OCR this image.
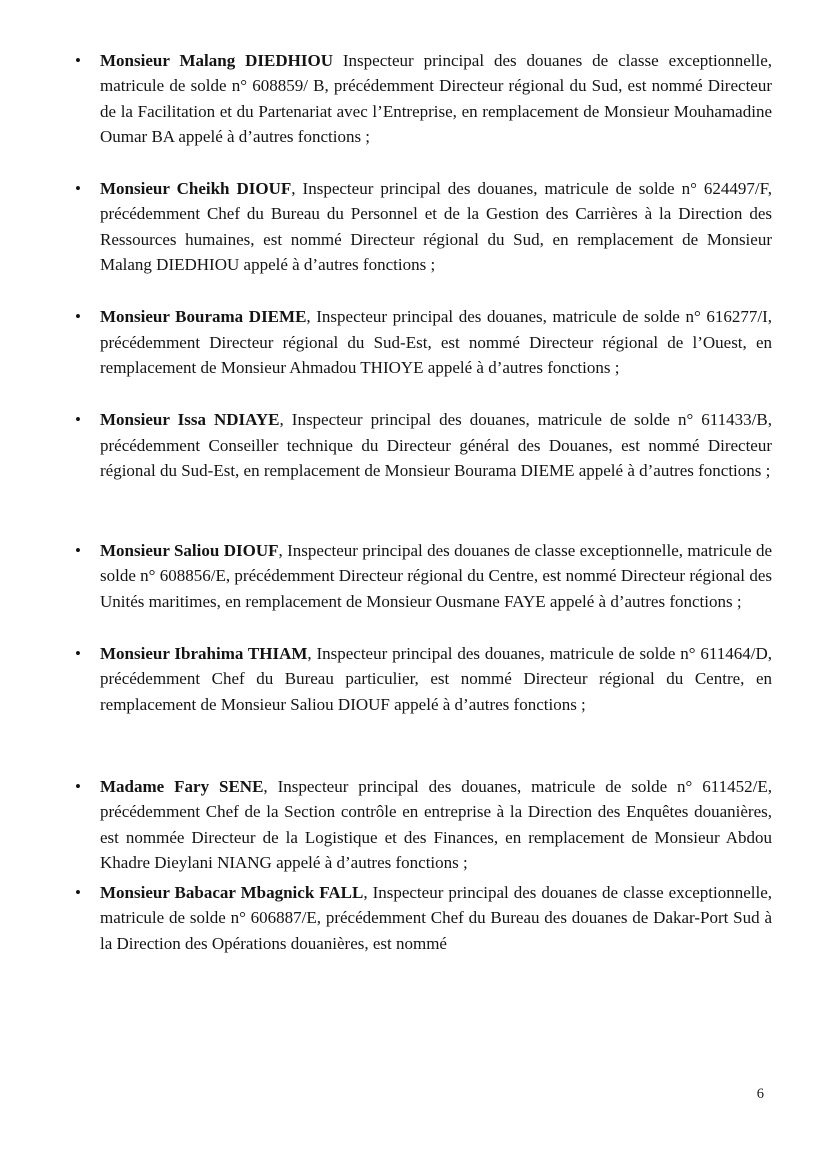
•	Monsieur Malang DIEDHIOU Inspecteur principal des douanes de classe exceptionnelle, matricule de solde n° 608859/ B, précédemment Directeur régional du Sud, est nommé Directeur de la Facilitation et du Partenariat avec l’Entreprise, en remplacement de Monsieur Mouhamadine Oumar BA appelé à d’autres fonctions ;
•	Monsieur Cheikh DIOUF, Inspecteur principal des douanes, matricule de solde n° 624497/F, précédemment Chef du Bureau du Personnel et de la Gestion des Carrières à la Direction des Ressources humaines, est nommé Directeur régional du Sud, en remplacement de Monsieur Malang DIEDHIOU appelé à d’autres fonctions ;
•	Monsieur Bourama DIEME, Inspecteur principal des douanes, matricule de solde n° 616277/I, précédemment Directeur régional du Sud-Est, est nommé Directeur régional de l’Ouest, en remplacement de Monsieur Ahmadou THIOYE appelé à d’autres fonctions ;
•	Monsieur Issa NDIAYE, Inspecteur principal des douanes, matricule de solde n° 611433/B, précédemment Conseiller technique du Directeur général des Douanes, est nommé Directeur régional du Sud-Est, en remplacement de Monsieur Bourama DIEME appelé à d’autres fonctions ;
•	Monsieur Saliou DIOUF, Inspecteur principal des douanes de classe exceptionnelle, matricule de solde n° 608856/E, précédemment Directeur régional du Centre, est nommé Directeur régional des Unités maritimes, en remplacement de Monsieur Ousmane FAYE appelé à d’autres fonctions ;
•	Monsieur Ibrahima THIAM, Inspecteur principal des douanes, matricule de solde n° 611464/D, précédemment Chef du Bureau particulier, est nommé Directeur régional du Centre, en remplacement de Monsieur Saliou DIOUF appelé à d’autres fonctions ;
•	Madame Fary SENE, Inspecteur principal des douanes, matricule de solde n° 611452/E, précédemment Chef de la Section contrôle en entreprise à la Direction des Enquêtes douanières, est nommée Directeur de la Logistique et des Finances, en remplacement de Monsieur Abdou Khadre Dieylani NIANG appelé à d’autres fonctions ;
•	Monsieur Babacar Mbagnick FALL, Inspecteur principal des douanes de classe exceptionnelle, matricule de solde n° 606887/E, précédemment Chef du Bureau des douanes de Dakar-Port Sud à la Direction des Opérations douanières, est nommé
6
